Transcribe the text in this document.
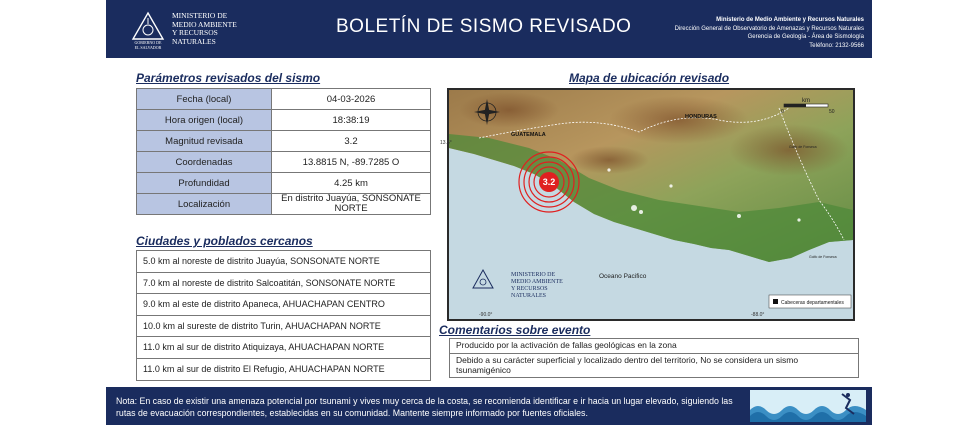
GOBIERNO DE
EL SALVADOR
MINISTERIO DE
MEDIO AMBIENTE
Y RECURSOS
NATURALES
BOLETÍN DE SISMO REVISADO	Ministerio de Medio Ambiente y Recursos Naturales
Dirección General de Observatorio de Amenazas y Recursos Naturales
Gerencia de Geología - Área de Sismología
Teléfono: 2132-9566
Parámetros revisados del sismo
Fecha (local)	04-03-2026
Hora origen (local)	18:38:19
Magnitud revisada	3.2
Coordenadas	13.8815 N, -89.7285 O
Profundidad	4.25 km
Localización	En distrito Juayúa, SONSONATE NORTE
Ciudades y poblados cercanos
5.0 km al noreste de distrito Juayúa, SONSONATE NORTE
7.0 km al noreste de distrito Salcoatitán, SONSONATE NORTE
9.0 km al este de distrito Apaneca, AHUACHAPAN CENTRO
10.0 km al sureste de distrito Turin, AHUACHAPAN NORTE
11.0 km al sur de distrito Atiquizaya, AHUACHAPAN NORTE
11.0 km al sur de distrito El Refugio, AHUACHAPAN NORTE
Mapa de ubicación revisado
0	50
km
GUATEMALA
HONDURAS
Oceano Pacifico
Golfo de Fonseca
Golfo de Fonseca
3.2
MINISTERIO DE
MEDIO AMBIENTE
Y RECURSOS
NATURALES
Cabeceras departamentales
13.5°
-90.0°	-88.0°
Comentarios sobre evento
Producido por la activación de fallas geológicas en la zona
Debido a su carácter superficial y localizado dentro del territorio, No se considera un sismo tsunamigénico
Nota: En caso de existir una amenaza potencial por tsunami y vives muy cerca de la costa, se recomienda identificar e ir hacia un lugar elevado, siguiendo las rutas de evacuación correspondientes, establecidas en su comunidad. Mantente siempre informado por fuentes oficiales.
